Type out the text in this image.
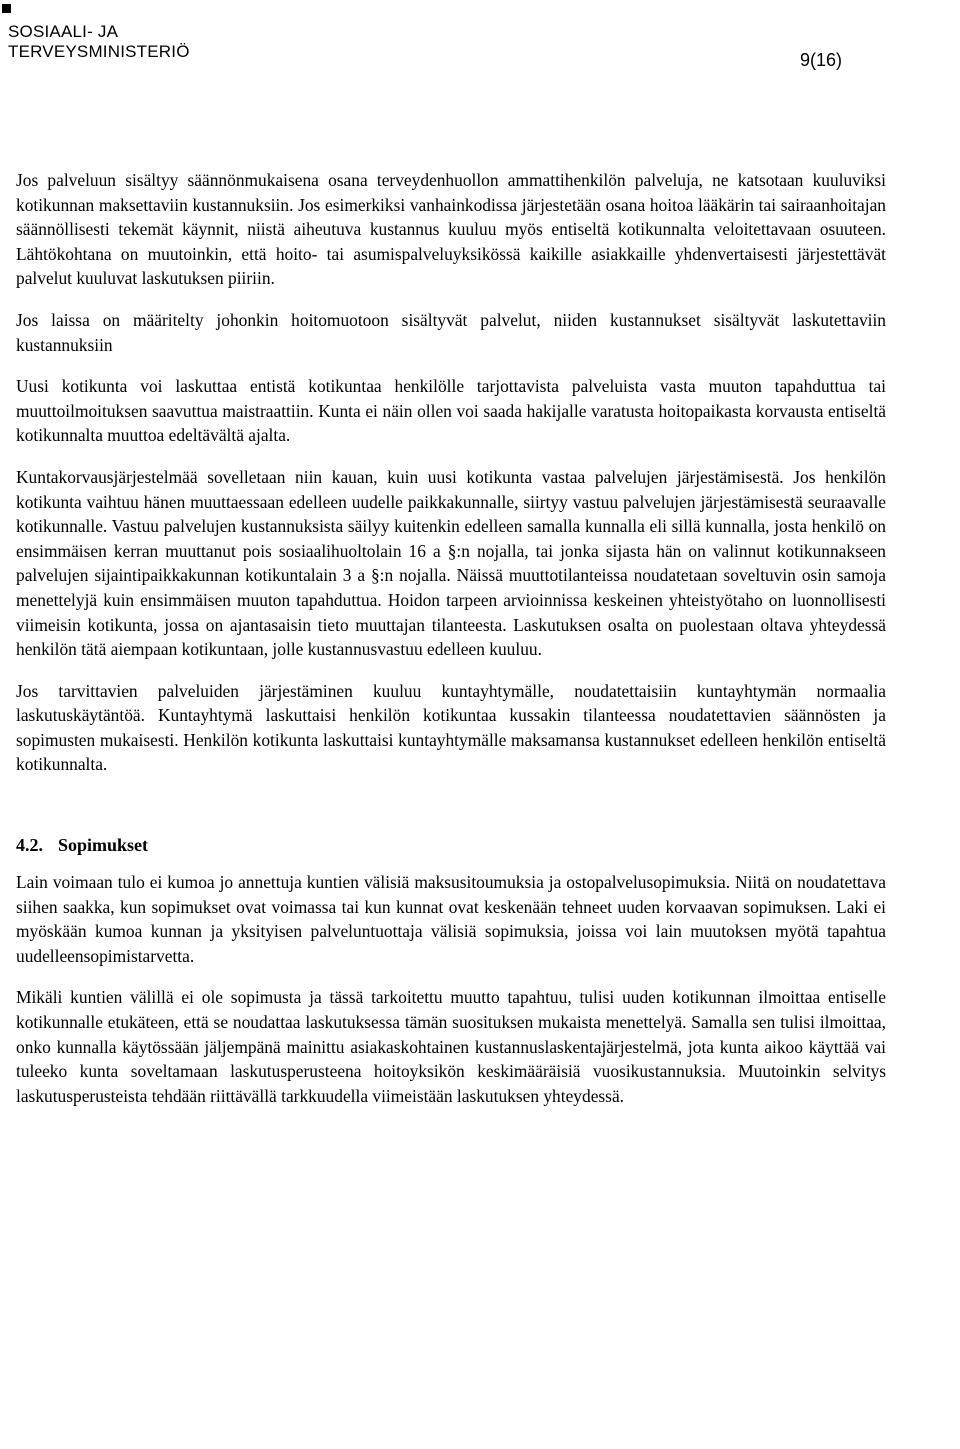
SOSIAALI- JA
TERVEYSMINISTERIÖ	9(16)

Jos palveluun sisältyy säännönmukaisena osana terveydenhuollon ammattihenkilön palveluja, ne katsotaan kuuluviksi kotikunnan maksettaviin kustannuksiin. Jos esimerkiksi vanhainkodissa järjestetään osana hoitoa lääkärin tai sairaanhoitajan säännöllisesti tekemät käynnit, niistä aiheutuva kustannus kuuluu myös entiseltä kotikunnalta veloitettavaan osuuteen. Lähtökohtana on muutoinkin, että hoito- tai asumispalveluyksikössä kaikille asiakkaille yhdenvertaisesti järjestettävät palvelut kuuluvat laskutuksen piiriin.

Jos laissa on määritelty johonkin hoitomuotoon sisältyvät palvelut, niiden kustannukset sisältyvät laskutettaviin kustannuksiin

Uusi kotikunta voi laskuttaa entistä kotikuntaa henkilölle tarjottavista palveluista vasta muuton tapahduttua tai muuttoilmoituksen saavuttua maistraattiin. Kunta ei näin ollen voi saada hakijalle varatusta hoitopaikasta korvausta entiseltä kotikunnalta muuttoa edeltävältä ajalta.

Kuntakorvausjärjestelmää sovelletaan niin kauan, kuin uusi kotikunta vastaa palvelujen järjestämisestä. Jos henkilön kotikunta vaihtuu hänen muuttaessaan edelleen uudelle paikkakunnalle, siirtyy vastuu palvelujen järjestämisestä seuraavalle kotikunnalle. Vastuu palvelujen kustannuksista säilyy kuitenkin edelleen samalla kunnalla eli sillä kunnalla, josta henkilö on ensimmäisen kerran muuttanut pois sosiaalihuoltolain 16 a §:n nojalla, tai jonka sijasta hän on valinnut kotikunnakseen palvelujen sijaintipaikkakunnan kotikuntalain 3 a §:n nojalla. Näissä muuttotilanteissa noudatetaan soveltuvin osin samoja menettelyjä kuin ensimmäisen muuton tapahduttua. Hoidon tarpeen arvioinnissa keskeinen yhteistyötaho on luonnollisesti viimeisin kotikunta, jossa on ajantasaisin tieto muuttajan tilanteesta. Laskutuksen osalta on puolestaan oltava yhteydessä henkilön tätä aiempaan kotikuntaan, jolle kustannusvastuu edelleen kuuluu.

Jos tarvittavien palveluiden järjestäminen kuuluu kuntayhtymälle, noudatettaisiin kuntayhtymän normaalia laskutuskäytäntöä. Kuntayhtymä laskuttaisi henkilön kotikuntaa kussakin tilanteessa noudatettavien säännösten ja sopimusten mukaisesti. Henkilön kotikunta laskuttaisi kuntayhtymälle maksamansa kustannukset edelleen henkilön entiseltä kotikunnalta.

4.2. Sopimukset

Lain voimaan tulo ei kumoa jo annettuja kuntien välisiä maksusitoumuksia ja ostopalvelusopimuksia. Niitä on noudatettava siihen saakka, kun sopimukset ovat voimassa tai kun kunnat ovat keskenään tehneet uuden korvaavan sopimuksen. Laki ei myöskään kumoa kunnan ja yksityisen palveluntuottaja välisiä sopimuksia, joissa voi lain muutoksen myötä tapahtua uudelleensopimistarvetta.

Mikäli kuntien välillä ei ole sopimusta ja tässä tarkoitettu muutto tapahtuu, tulisi uuden kotikunnan ilmoittaa entiselle kotikunnalle etukäteen, että se noudattaa laskutuksessa tämän suosituksen mukaista menettelyä. Samalla sen tulisi ilmoittaa, onko kunnalla käytössään jäljempänä mainittu asiakaskohtainen kustannuslaskentajärjestelmä, jota kunta aikoo käyttää vai tuleeko kunta soveltamaan laskutusperusteena hoitoyksikön keskimääräisiä vuosikustannuksia. Muutoinkin selvitys laskutusperusteista tehdään riittävällä tarkkuudella viimeistään laskutuksen yhteydessä.
